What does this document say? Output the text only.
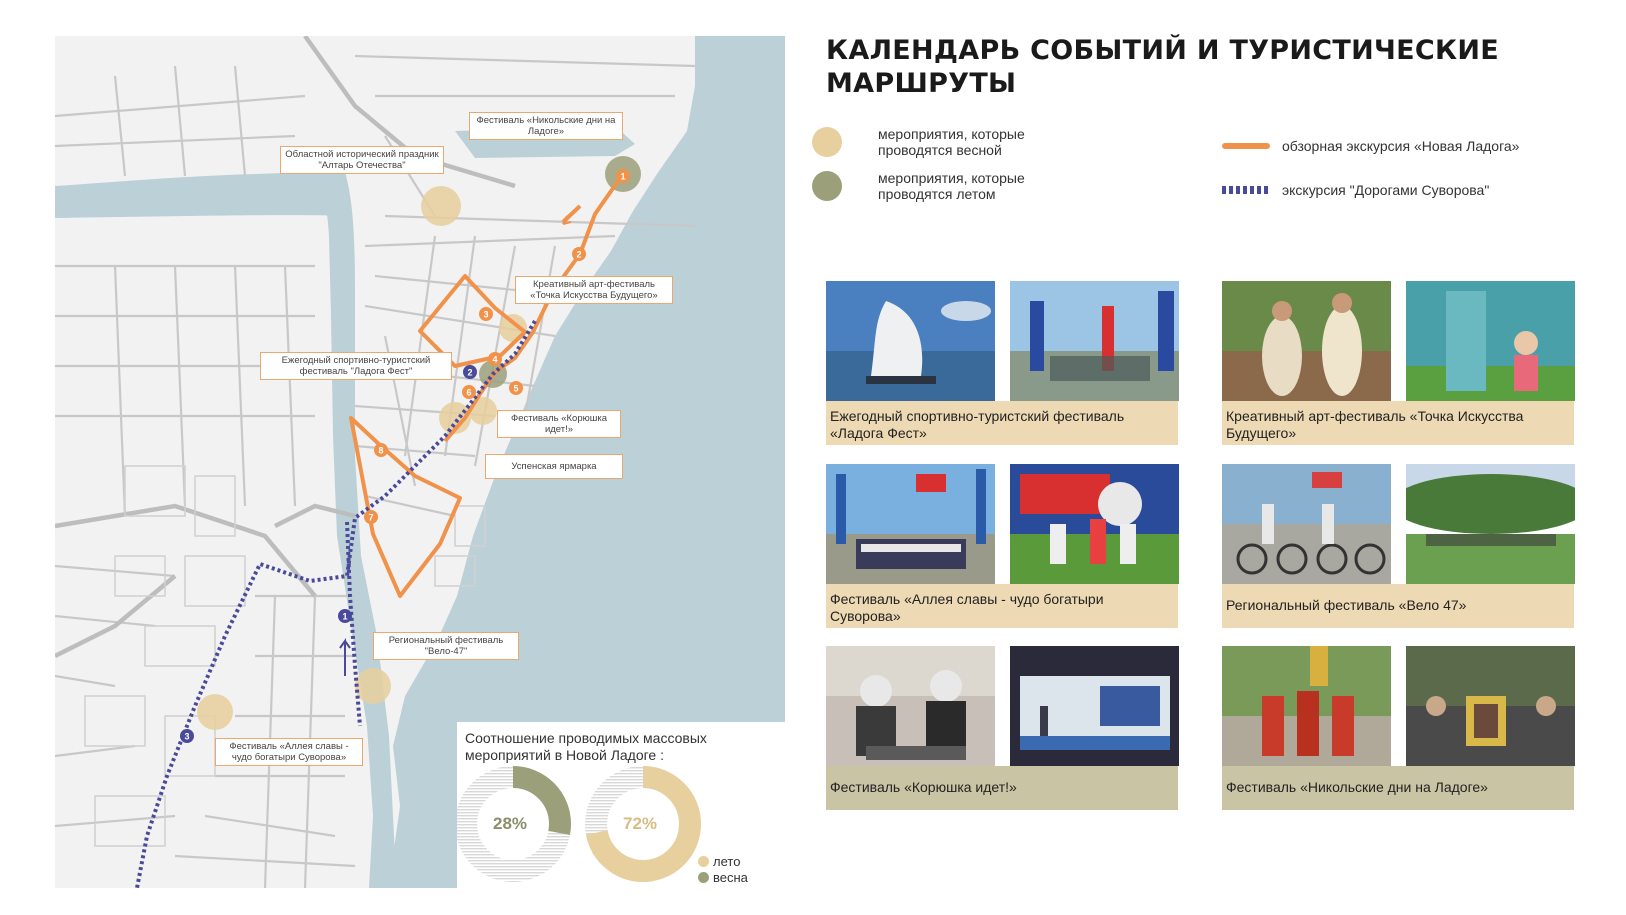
1
2
3
4
5
6
7
8
1
2
3
Фестиваль «Никольские дни на Ладоге»
Областной исторический праздник "Алтарь Отечества"
Креативный арт-фестиваль «Точка Искусства Будущего»
Ежегодный спортивно-туристский фестиваль "Ладога Фест"
Фестиваль «Корюшка идет!»
Успенская ярмарка
Региональный фестиваль "Вело-47"
Фестиваль «Аллея славы - чудо богатыри Суворова»
Соотношение проводимых массовых мероприятий в Новой Ладоге :
28%	72%
лето
весна
КАЛЕНДАРЬ СОБЫТИЙ И ТУРИСТИЧЕСКИЕ МАРШРУТЫ
мероприятия, которые проводятся весной
мероприятия, которые проводятся летом
обзорная экскурсия «Новая Ладога»
экскурсия "Дорогами Суворова"
Ежегодный спортивно-туристский фестиваль «Ладога Фест»
Креативный арт-фестиваль «Точка Искусства Будущего»
Фестиваль «Аллея славы - чудо богатыри Суворова»
Региональный фестиваль «Вело 47»
Фестиваль «Корюшка идет!»	Фестиваль «Никольские дни на Ладоге»
